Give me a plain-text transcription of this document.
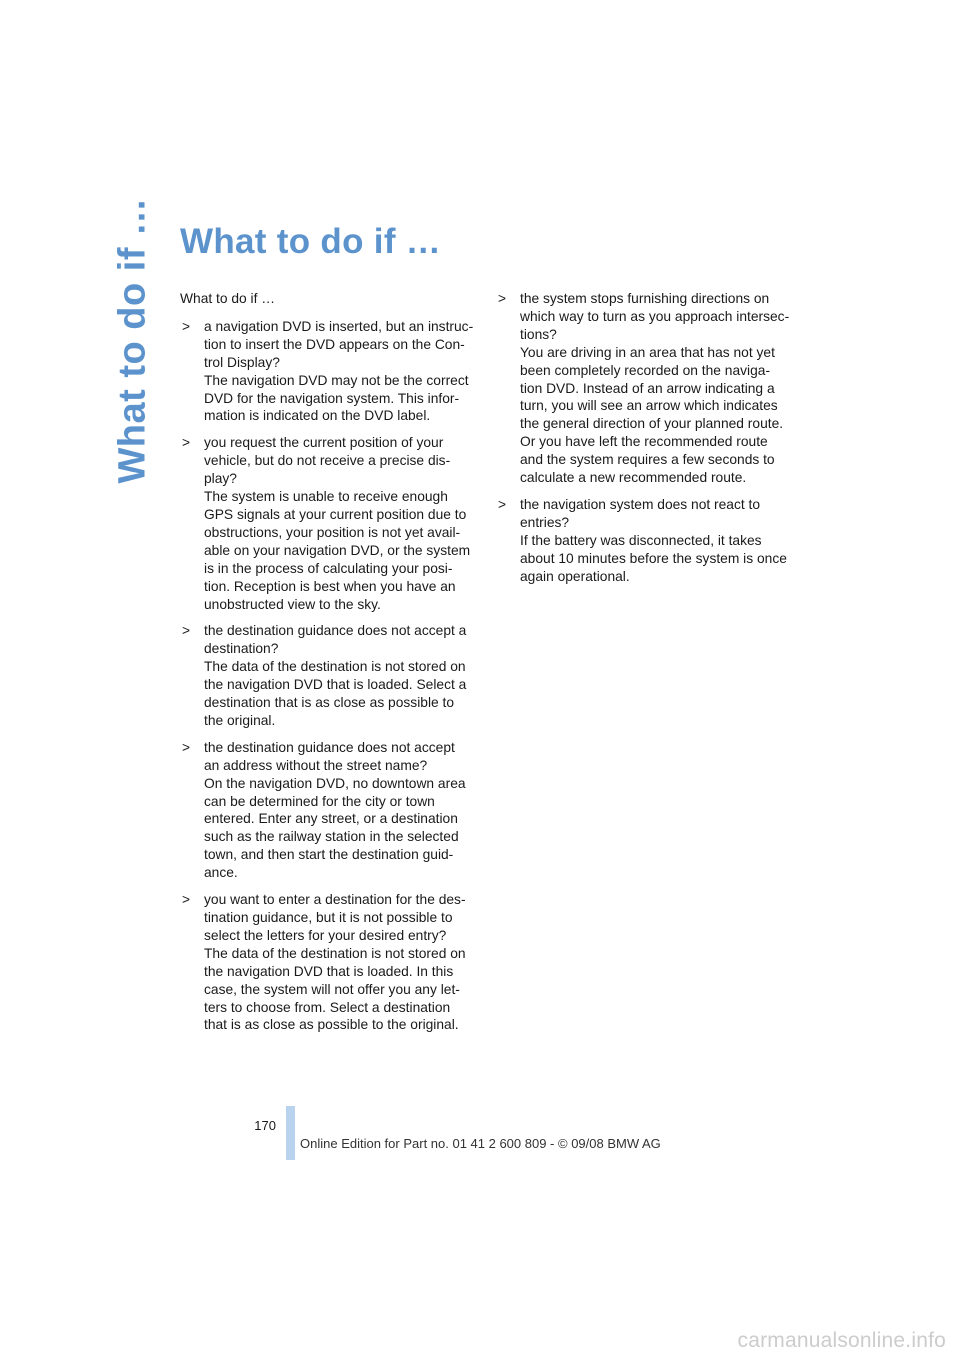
What to do if … What to do if …

What to do if …

>	a navigation DVD is inserted, but an instruc-
tion to insert the DVD appears on the Con-
trol Display?

The navigation DVD may not be the correct
DVD for the navigation system. This infor-
mation is indicated on the DVD label.

>	you request the current position of your
vehicle, but do not receive a precise dis-
play?

The system is unable to receive enough
GPS signals at your current position due to
obstructions, your position is not yet avail-
able on your navigation DVD, or the system
is in the process of calculating your posi-
tion. Reception is best when you have an
unobstructed view to the sky.

>	the destination guidance does not accept a
destination?

The data of the destination is not stored on
the navigation DVD that is loaded. Select a
destination that is as close as possible to
the original.

>	the destination guidance does not accept
an address without the street name?

On the navigation DVD, no downtown area
can be determined for the city or town
entered. Enter any street, or a destination
such as the railway station in the selected
town, and then start the destination guid-
ance.

>	you want to enter a destination for the des-
tination guidance, but it is not possible to
select the letters for your desired entry?

The data of the destination is not stored on
the navigation DVD that is loaded. In this
case, the system will not offer you any let-
ters to choose from. Select a destination
that is as close as possible to the original.

>	the system stops furnishing directions on
which way to turn as you approach intersec-
tions?

You are driving in an area that has not yet
been completely recorded on the naviga-
tion DVD. Instead of an arrow indicating a
turn, you will see an arrow which indicates
the general direction of your planned route.
Or you have left the recommended route
and the system requires a few seconds to
calculate a new recommended route.

>	the navigation system does not react to
entries?

If the battery was disconnected, it takes
about 10 minutes before the system is once
again operational.

170
Online Edition for Part no. 01 41 2 600 809 - © 09/08 BMW AG
carmanualsonline.info
